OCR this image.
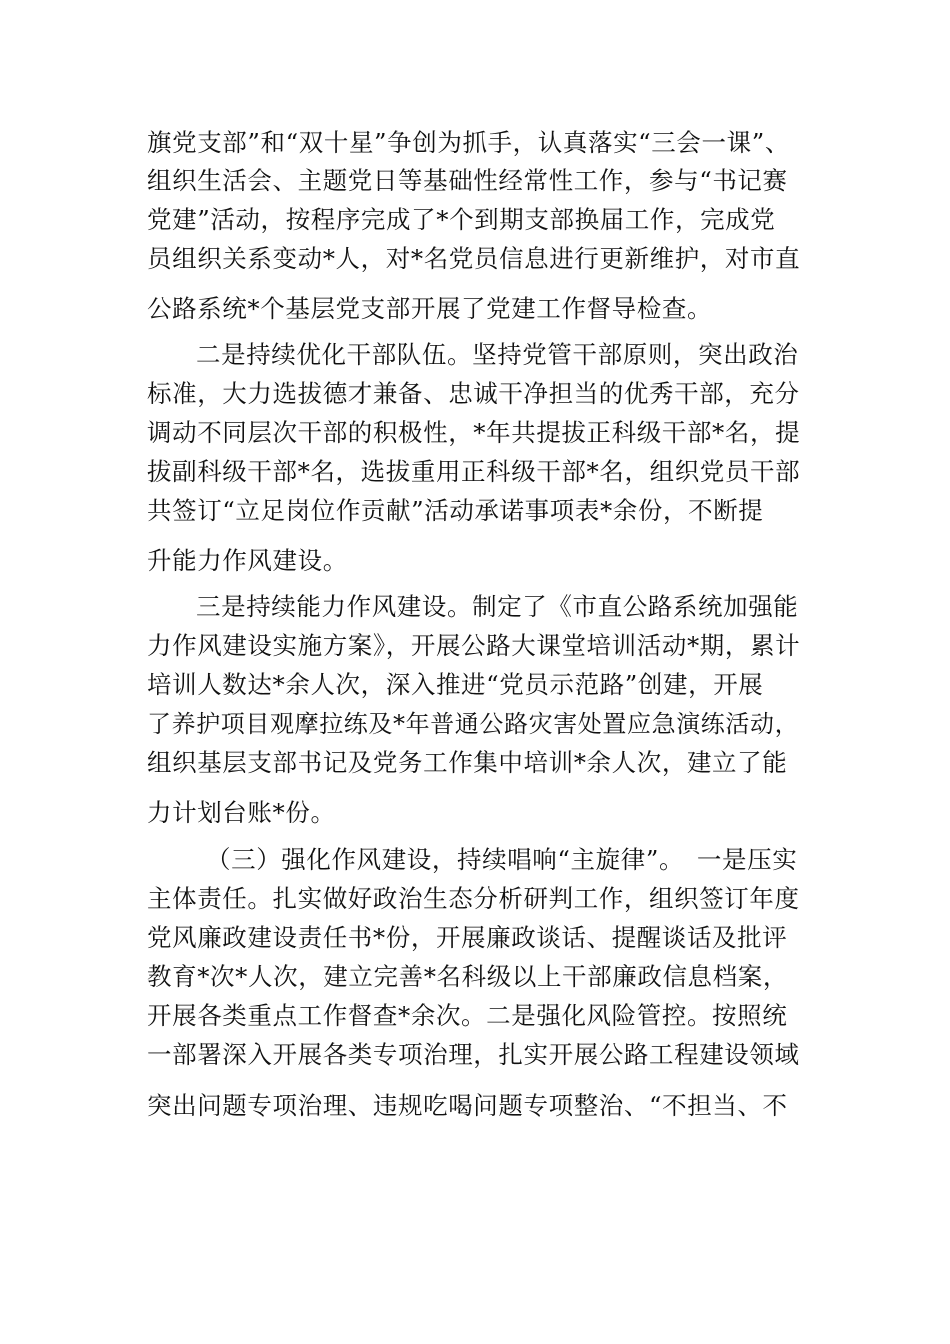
旗党支部”和“双十星”争创为抓手，认真落实“三会一课”、
组织生活会、主题党日等基础性经常性工作，参与“书记赛
党建”活动，按程序完成了*个到期支部换届工作，完成党
员组织关系变动*人，对*名党员信息进行更新维护，对市直
公路系统*个基层党支部开展了党建工作督导检查。
二是持续优化干部队伍。坚持党管干部原则，突出政治
标准，大力选拔德才兼备、忠诚干净担当的优秀干部，充分
调动不同层次干部的积极性，*年共提拔正科级干部*名，提
拔副科级干部*名，选拔重用正科级干部*名，组织党员干部
共签订“立足岗位作贡献”活动承诺事项表*余份，不断提
升能力作风建设。
三是持续能力作风建设。制定了《市直公路系统加强能
力作风建设实施方案》，开展公路大课堂培训活动*期，累计
培训人数达*余人次，深入推进“党员示范路”创建，开展
了养护项目观摩拉练及*年普通公路灾害处置应急演练活动，
组织基层支部书记及党务工作集中培训*余人次，建立了能
力计划台账*份。
（三）强化作风建设，持续唱响“主旋律”。　一是压实
主体责任。扎实做好政治生态分析研判工作，组织签订年度
党风廉政建设责任书*份，开展廉政谈话、提醒谈话及批评
教育*次*人次，建立完善*名科级以上干部廉政信息档案，
开展各类重点工作督查*余次。二是强化风险管控。按照统
一部署深入开展各类专项治理，扎实开展公路工程建设领域
突出问题专项治理、违规吃喝问题专项整治、“不担当、不
